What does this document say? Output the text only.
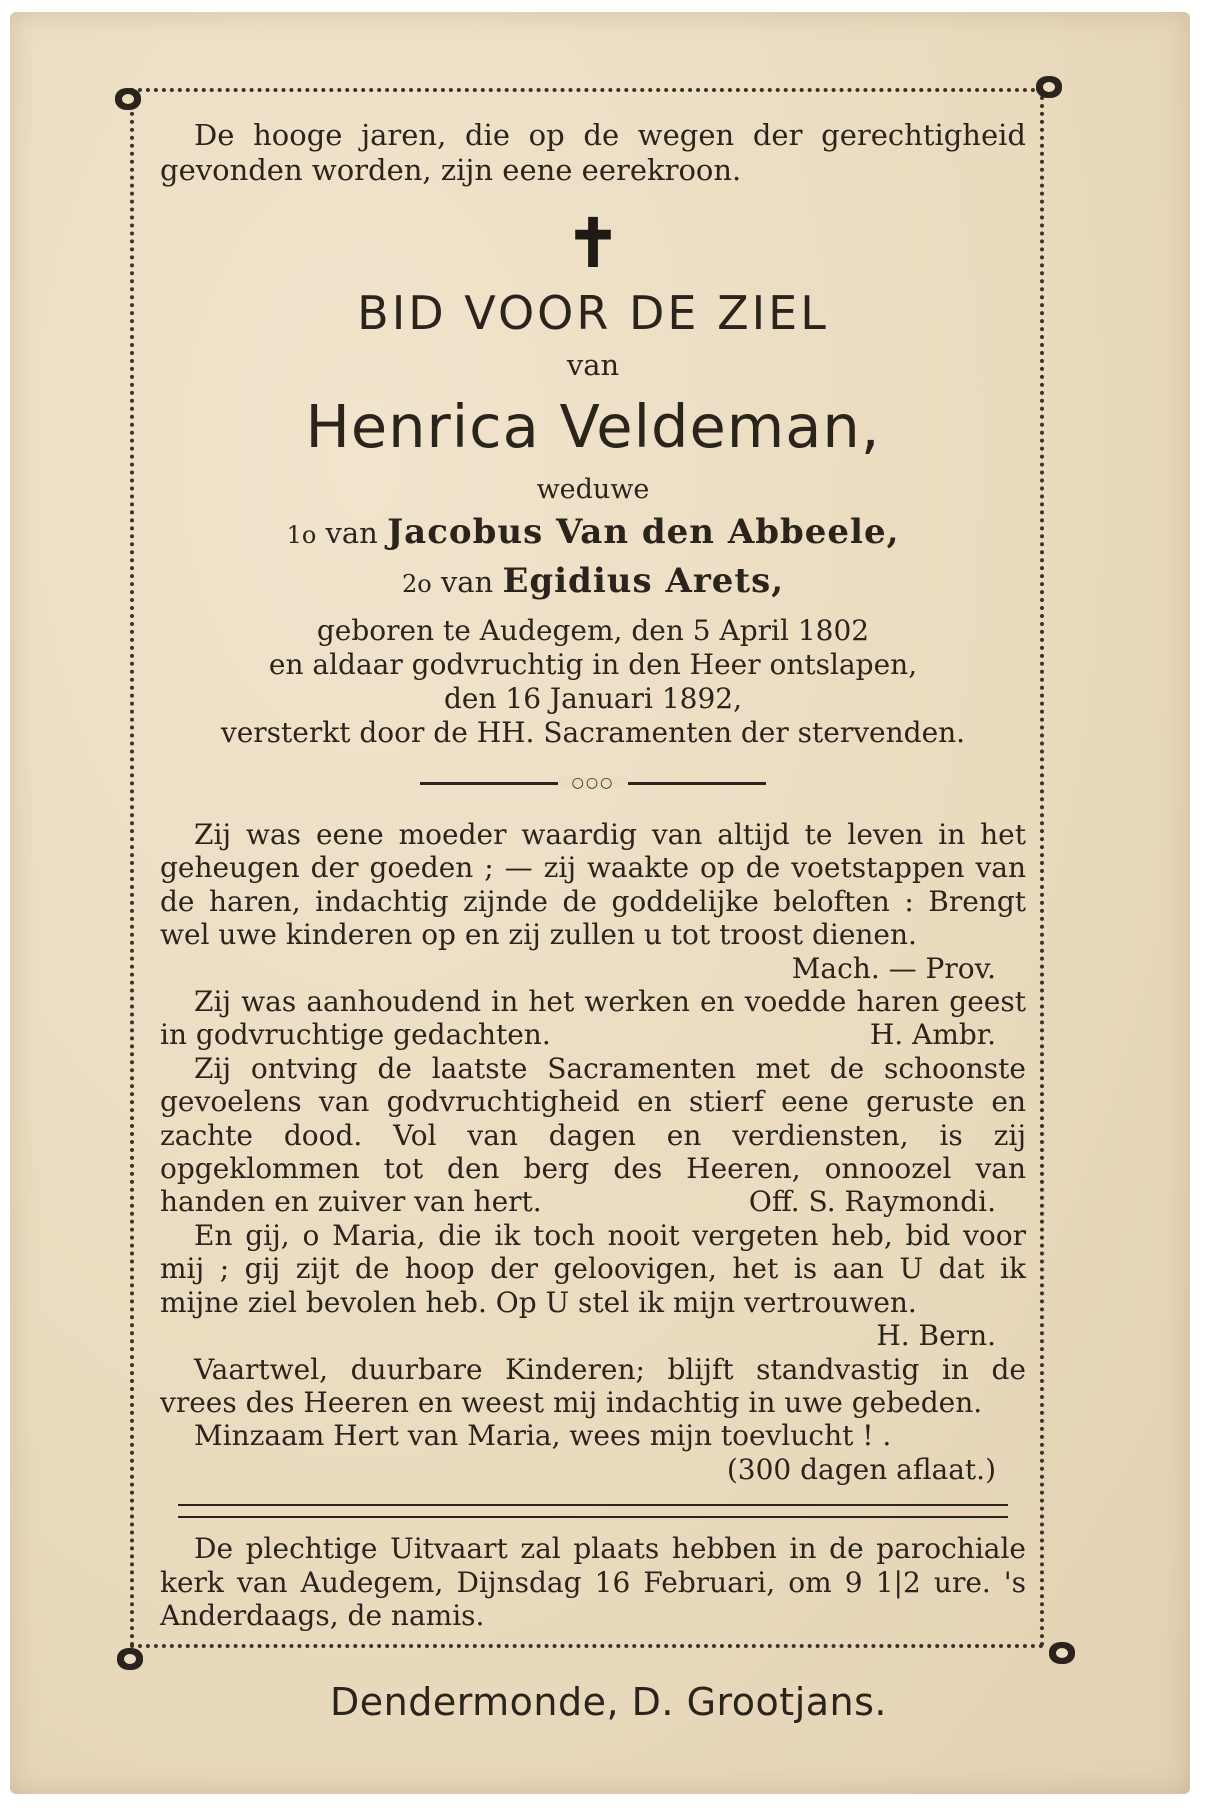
De hooge jaren, die op de wegen der gerechtigheid gevonden worden, zijn eene eerekroon.

✝
BID VOOR DE ZIEL
van
Henrica Veldeman,
weduwe
1o van Jacobus Van den Abbeele,
2o van Egidius Arets,
geboren te Audegem, den 5 April 1802
en aldaar godvruchtig in den Heer ontslapen,
den 16 Januari 1892,
versterkt door de HH. Sacramenten der stervenden.
○○○

Zij was eene moeder waardig van altijd te leven in het geheugen der goeden ; — zij waakte op de voetstappen van de haren, indachtig zijnde de goddelijke beloften : Brengt wel uwe kinderen op en zij zullen u tot troost dienen.
Mach. — Prov.

Zij was aanhoudend in het werken en voedde haren geest in godvruchtige gedachten.	H. Ambr.

Zij ontving de laatste Sacramenten met de schoonste gevoelens van godvruchtigheid en stierf eene geruste en zachte dood. Vol van dagen en verdiensten, is zij opgeklommen tot den berg des Heeren, onnoozel van handen en zuiver van hert.	Off. S. Raymondi.

En gij, o Maria, die ik toch nooit vergeten heb, bid voor mij ; gij zijt de hoop der geloovigen, het is aan U dat ik mijne ziel bevolen heb. Op U stel ik mijn vertrouwen.
H. Bern.

Vaartwel, duurbare Kinderen; blijft standvastig in de vrees des Heeren en weest mij indachtig in uwe gebeden.

Minzaam Hert van Maria, wees mijn toevlucht ! .

(300 dagen aflaat.)

De plechtige Uitvaart zal plaats hebben in de parochiale kerk van Audegem, Dijnsdag 16 Februari, om 9 1|2 ure. 's Anderdaags, de namis.

Dendermonde, D. Grootjans.
